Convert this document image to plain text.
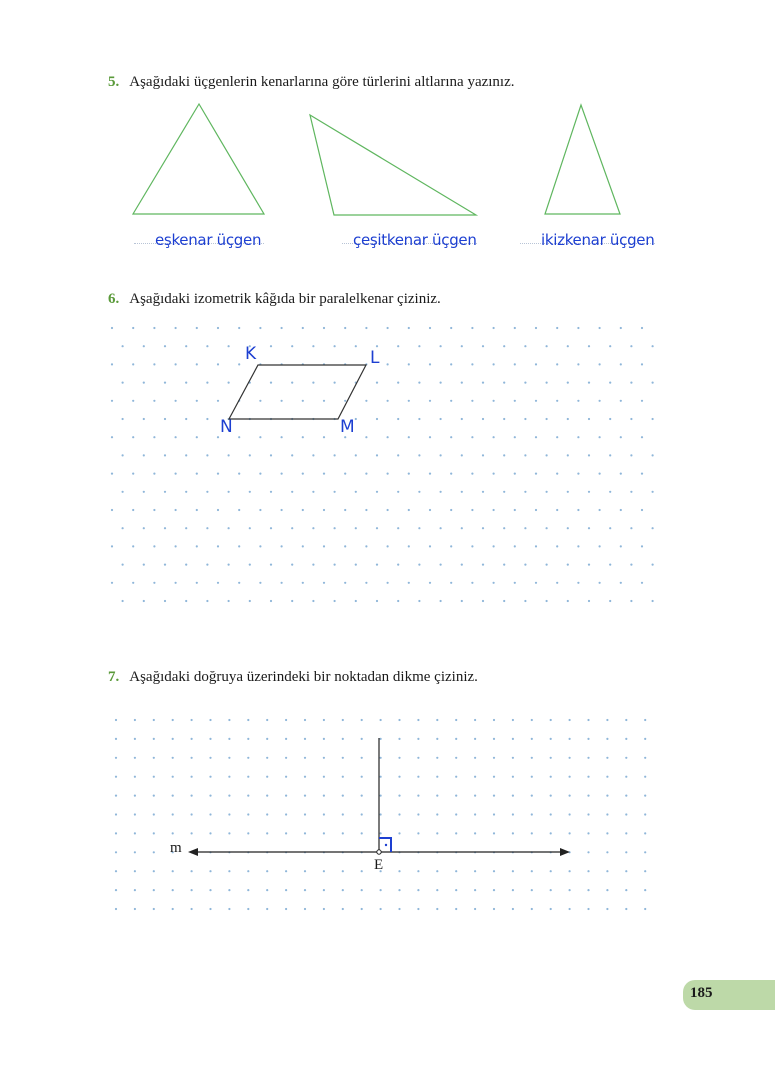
5. Aşağıdaki üçgenlerin kenarlarına göre türlerini altlarına yazınız.
eşkenar üçgen	çeşitkenar üçgen	ikizkenar üçgen
6. Aşağıdaki izometrik kâğıda bir paralelkenar çiziniz.
K	L
M
N
7. Aşağıdaki doğruya üzerindeki bir noktadan dikme çiziniz.
m
E
185
